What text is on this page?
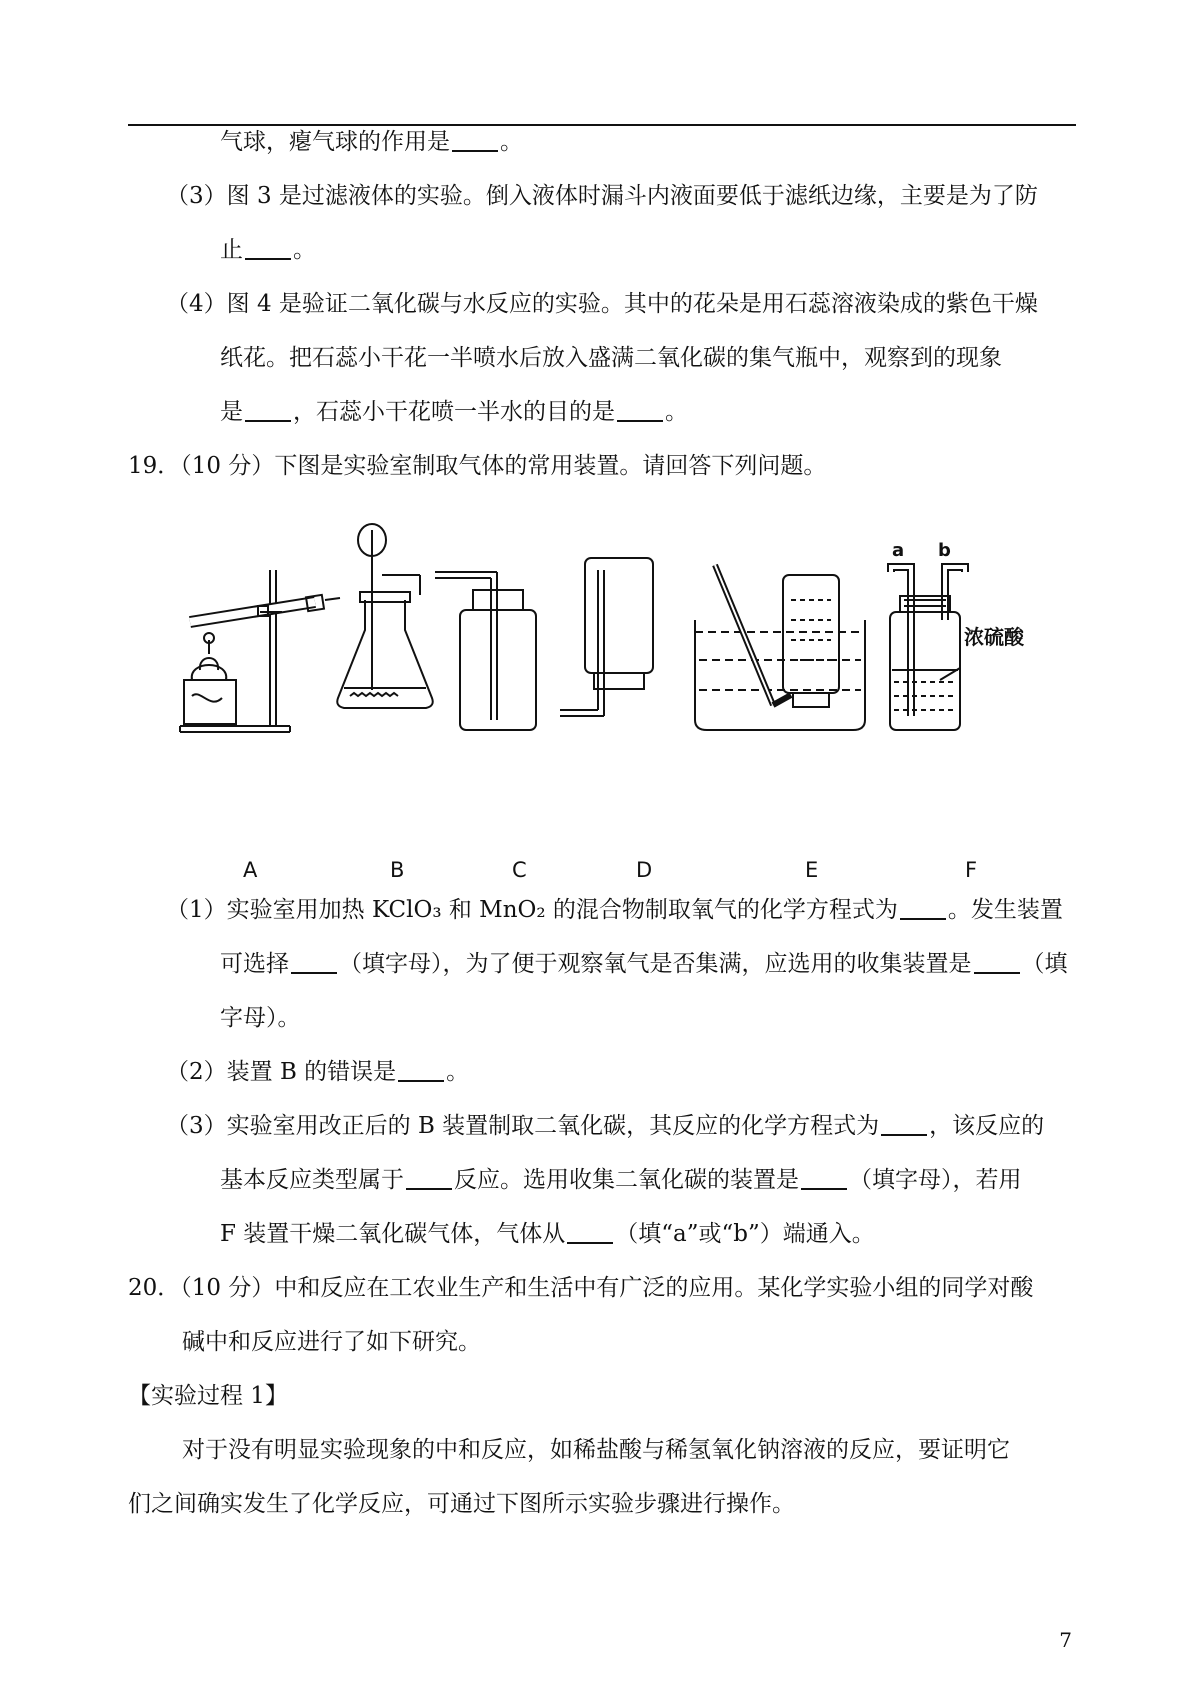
气球，瘪气球的作用是 。
（3）图 3 是过滤液体的实验。倒入液体时漏斗内液面要低于滤纸边缘，主要是为了防
止 。
（4）图 4 是验证二氧化碳与水反应的实验。其中的花朵是用石蕊溶液染成的紫色干燥
纸花。把石蕊小干花一半喷水后放入盛满二氧化碳的集气瓶中，观察到的现象
是 ，石蕊小干花喷一半水的目的是 。
19．（10 分）下图是实验室制取气体的常用装置。请回答下列问题。
（1）实验室用加热 KClO₃ 和 MnO₂ 的混合物制取氧气的化学方程式为 。发生装置
可选择 （填字母），为了便于观察氧气是否集满，应选用的收集装置是 （填
字母）。
（2）装置 B 的错误是 。
（3）实验室用改正后的 B 装置制取二氧化碳，其反应的化学方程式为 ，该反应的
基本反应类型属于 反应。选用收集二氧化碳的装置是 （填字母），若用
F 装置干燥二氧化碳气体，气体从 （填“a”或“b”）端通入。
20．（10 分）中和反应在工农业生产和生活中有广泛的应用。某化学实验小组的同学对酸
碱中和反应进行了如下研究。
【实验过程 1】
对于没有明显实验现象的中和反应，如稀盐酸与稀氢氧化钠溶液的反应，要证明它
们之间确实发生了化学反应，可通过下图所示实验步骤进行操作。
a b
浓硫酸
A	B	C	D	E	F
7
